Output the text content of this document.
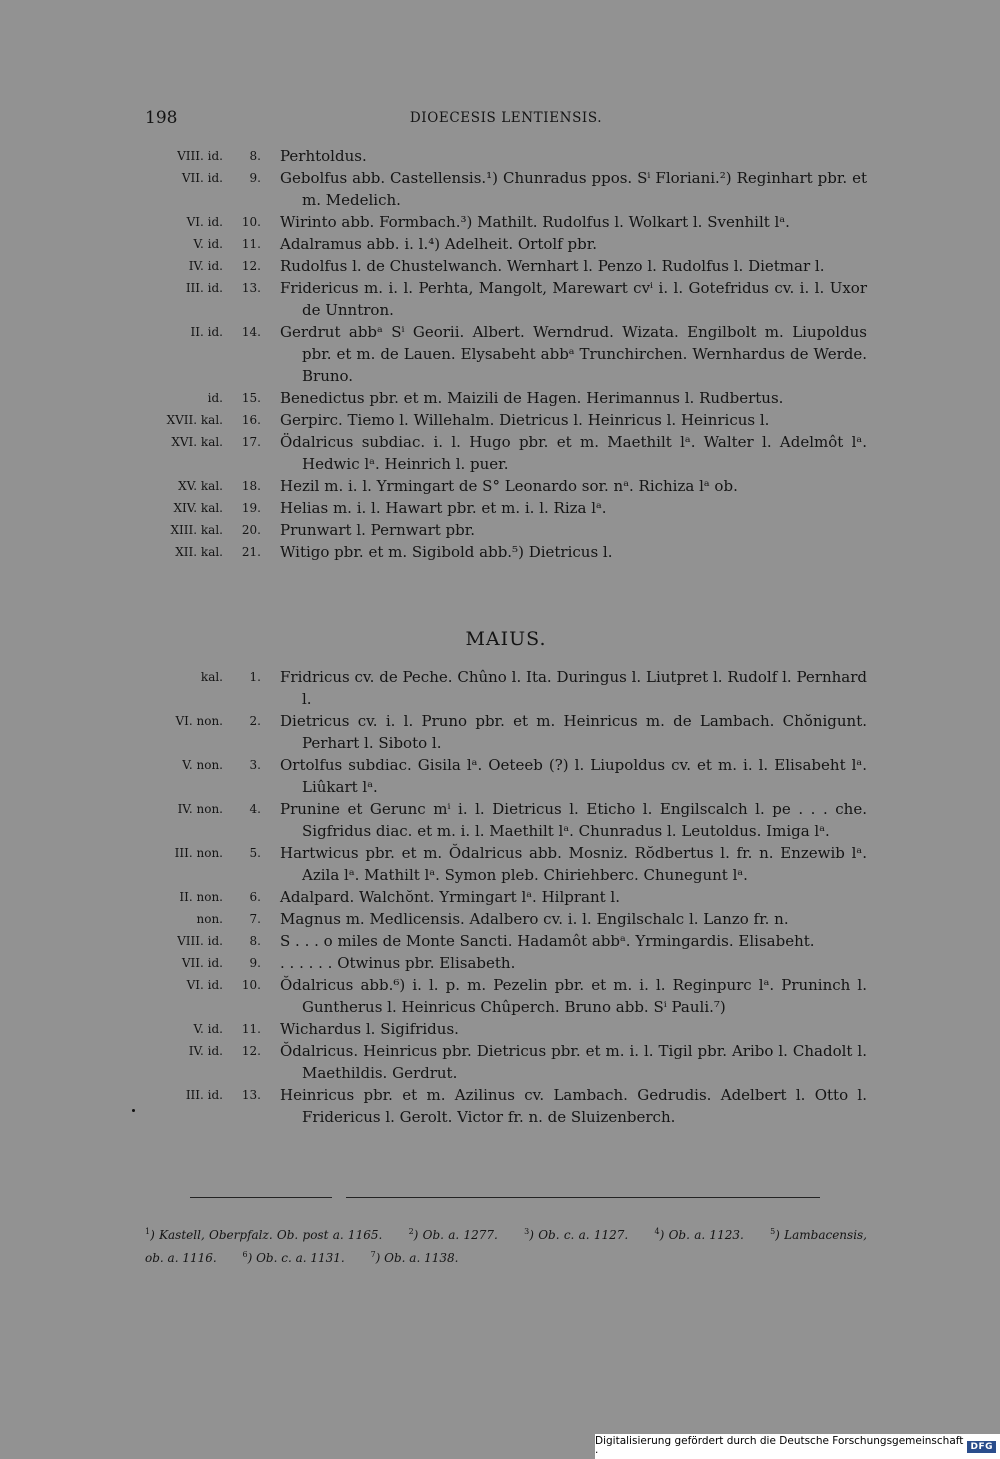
198	DIOECESIS LENTIENSIS.
VIII. id.	8. Perhtoldus.
VII. id.	9. Gebolfus abb. Castellensis.¹) Chunradus ppos. Sⁱ Floriani.²) Reginhart pbr. et m. Medelich.
VI. id.	10. Wirinto abb. Formbach.³) Mathilt. Rudolfus l. Wolkart l. Svenhilt lᵃ.
V. id.	11. Adalramus abb. i. l.⁴) Adelheit. Ortolf pbr.
IV. id.	12. Rudolfus l. de Chustelwanch. Wernhart l. Penzo l. Rudolfus l. Dietmar l.
III. id.	13. Fridericus m. i. l. Perhta, Mangolt, Marewart cvⁱ i. l. Gotefridus cv. i. l. Uxor de Unntron.
II. id.	14. Gerdrut abbᵃ Sⁱ Georii. Albert. Werndrud. Wizata. Engilbolt m. Liupoldus pbr. et m. de Lauen. Elysabeht abbᵃ Trunchirchen. Wernhardus de Werde. Bruno.
id.	15. Benedictus pbr. et m. Maizili de Hagen. Herimannus l. Rudbertus.
XVII. kal.	16. Gerpirc. Tiemo l. Willehalm. Dietricus l. Heinricus l. Heinricus l.
XVI. kal.	17. Ödalricus subdiac. i. l. Hugo pbr. et m. Maethilt lᵃ. Walter l. Adelmôt lᵃ. Hedwic lᵃ. Heinrich l. puer.
XV. kal.	18. Hezil m. i. l. Yrmingart de S° Leonardo sor. nᵃ. Richiza lᵃ ob.
XIV. kal.	19. Helias m. i. l. Hawart pbr. et m. i. l. Riza lᵃ.
XIII. kal.	20. Prunwart l. Pernwart pbr.
XII. kal.	21. Witigo pbr. et m. Sigibold abb.⁵) Dietricus l.
MAIUS.
kal.	1. Fridricus cv. de Peche. Chûno l. Ita. Duringus l. Liutpret l. Rudolf l. Pernhard l.
VI. non.	2. Dietricus cv. i. l. Pruno pbr. et m. Heinricus m. de Lambach. Chŏnigunt. Perhart l. Siboto l.
V. non.	3. Ortolfus subdiac. Gisila lᵃ. Oeteeb (?) l. Liupoldus cv. et m. i. l. Elisabeht lᵃ. Liûkart lᵃ.
IV. non.	4. Prunine et Gerunc mⁱ i. l. Dietricus l. Eticho l. Engilscalch l. pe . . . che. Sigfridus diac. et m. i. l. Maethilt lᵃ. Chunradus l. Leutoldus. Imiga lᵃ.
III. non.	5. Hartwicus pbr. et m. Ŏdalricus abb. Mosniz. Rŏdbertus l. fr. n. Enzewib lᵃ. Azila lᵃ. Mathilt lᵃ. Symon pleb. Chiriehberc. Chunegunt lᵃ.
II. non.	6. Adalpard. Walchŏnt. Yrmingart lᵃ. Hilprant l.
non.	7. Magnus m. Medlicensis. Adalbero cv. i. l. Engilschalc l. Lanzo fr. n.
VIII. id.	8. S . . . o miles de Monte Sancti. Hadamôt abbᵃ. Yrmingardis. Elisabeht.
VII. id.	9. . . . . . . Otwinus pbr. Elisabeth.
VI. id.	10. Ŏdalricus abb.⁶) i. l. p. m. Pezelin pbr. et m. i. l. Reginpurc lᵃ. Pruninch l. Guntherus l. Heinricus Chûperch. Bruno abb. Sⁱ Pauli.⁷)
V. id.	11. Wichardus l. Sigifridus.
IV. id.	12. Ŏdalricus. Heinricus pbr. Dietricus pbr. et m. i. l. Tigil pbr. Aribo l. Chadolt l. Maethildis. Gerdrut.
III. id.	13. Heinricus pbr. et m. Azilinus cv. Lambach. Gedrudis. Adelbert l. Otto l. Fridericus l. Gerolt. Victor fr. n. de Sluizenberch.
$^1$) Kastell, Oberpfalz. Ob. post a. 1165.	$^2$) Ob. a. 1277.	$^3$) Ob. c. a. 1127.	$^4$) Ob. a. 1123.	$^5$) Lambacensis, ob. a. 1116.	$^6$) Ob. c. a. 1131.	$^7$) Ob. a. 1138.
Digitalisierung gefördert durch die Deutsche Forschungsgemeinschaft ·	DFG
